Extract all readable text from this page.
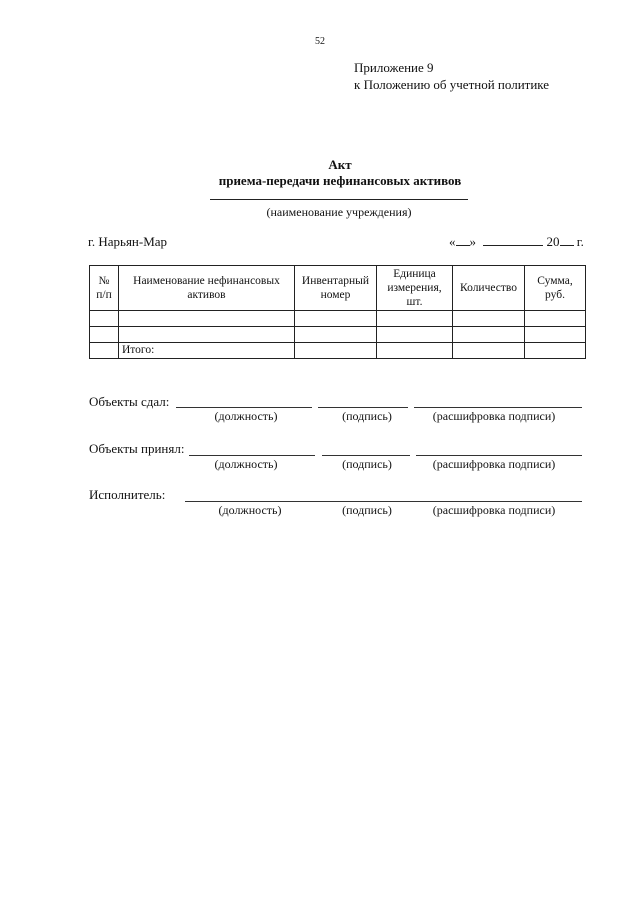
52
Приложение 9
к Положению об учетной политике
Акт
приема-передачи нефинансовых активов
(наименование учреждения)
г. Нарьян-Мар	« »	20 г.
№ п/п	Наименование нефинансовых активов	Инвентарный номер	Единица измерения, шт.	Количество	Сумма, руб.

	Итого:				
Объекты сдал:
(должность)	(подпись)	(расшифровка подписи)
Объекты принял:
(должность)	(подпись)	(расшифровка подписи)
Исполнитель:
(должность)	(подпись)	(расшифровка подписи)
